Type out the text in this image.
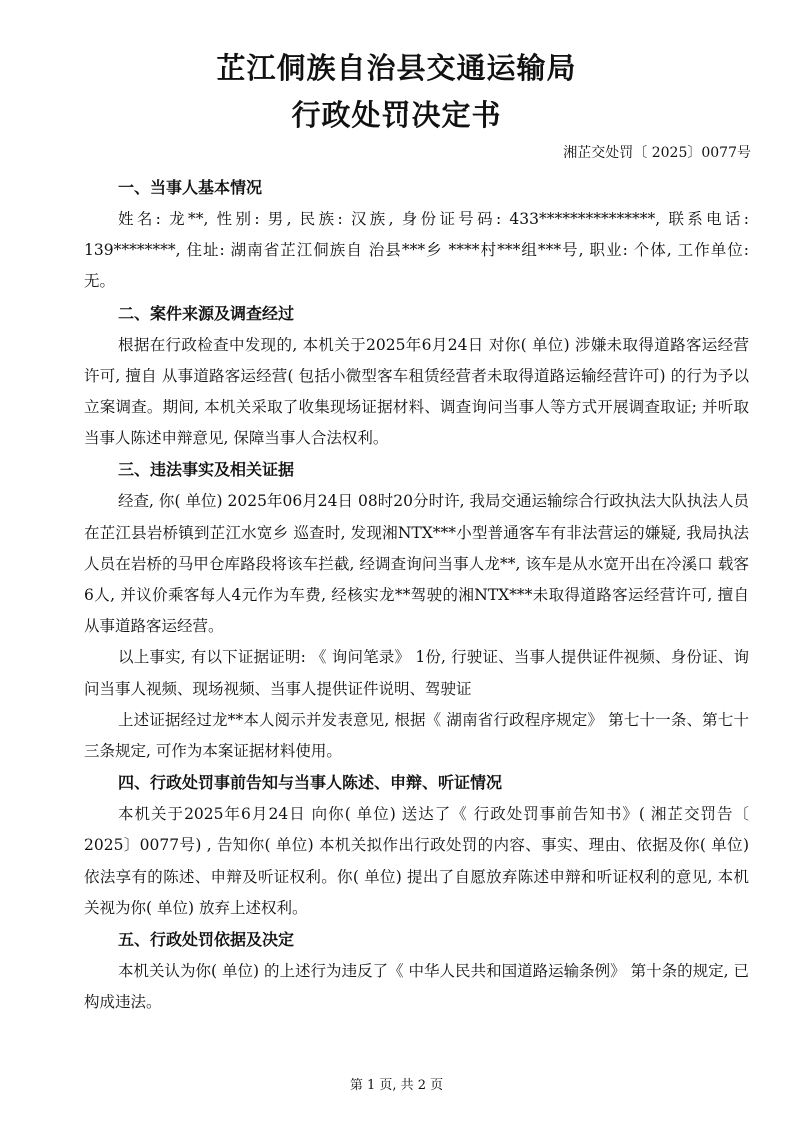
芷江侗族自治县交通运输局
行政处罚决定书
湘芷交处罚〔 2025〕0077号
一、当事人基本情况
姓名: 龙**, 性别: 男, 民族: 汉族, 身份证号码: 433***************, 联系电话: 139********, 住址: 湖南省芷江侗族自 治县***乡 ****村***组***号, 职业: 个体, 工作单位: 无。
二、案件来源及调查经过
根据在行政检查中发现的, 本机关于2025年6月24日 对你( 单位) 涉嫌未取得道路客运经营许可, 擅自 从事道路客运经营( 包括小微型客车租赁经营者未取得道路运输经营许可) 的行为予以立案调查。期间, 本机关采取了收集现场证据材料、调查询问当事人等方式开展调查取证; 并听取当事人陈述申辩意见, 保障当事人合法权利。
三、违法事实及相关证据
经查, 你( 单位) 2025年06月24日 08时20分时许, 我局交通运输综合行政执法大队执法人员在芷江县岩桥镇到芷江水宽乡 巡查时, 发现湘NTX***小型普通客车有非法营运的嫌疑, 我局执法人员在岩桥的马甲仓库路段将该车拦截, 经调查询问当事人龙**, 该车是从水宽开出在冷溪口 载客6人, 并议价乘客每人4元作为车费, 经核实龙**驾驶的湘NTX***未取得道路客运经营许可, 擅自 从事道路客运经营。
以上事实, 有以下证据证明: 《 询问笔录》 1份, 行驶证、当事人提供证件视频、身份证、询问当事人视频、现场视频、当事人提供证件说明、驾驶证
上述证据经过龙**本人阅示并发表意见, 根据《 湖南省行政程序规定》 第七十一条、第七十三条规定, 可作为本案证据材料使用。
四、行政处罚事前告知与当事人陈述、申辩、听证情况
本机关于2025年6月24日 向你( 单位) 送达了《 行政处罚事前告知书》( 湘芷交罚告〔 2025〕0077号) , 告知你( 单位) 本机关拟作出行政处罚的内容、事实、理由、依据及你( 单位) 依法享有的陈述、申辩及听证权利。你( 单位) 提出了自愿放弃陈述申辩和听证权利的意见, 本机关视为你( 单位) 放弃上述权利。
五、行政处罚依据及决定
本机关认为你( 单位) 的上述行为违反了《 中华人民共和国道路运输条例》 第十条的规定, 已构成违法。
第 1 页, 共 2 页
